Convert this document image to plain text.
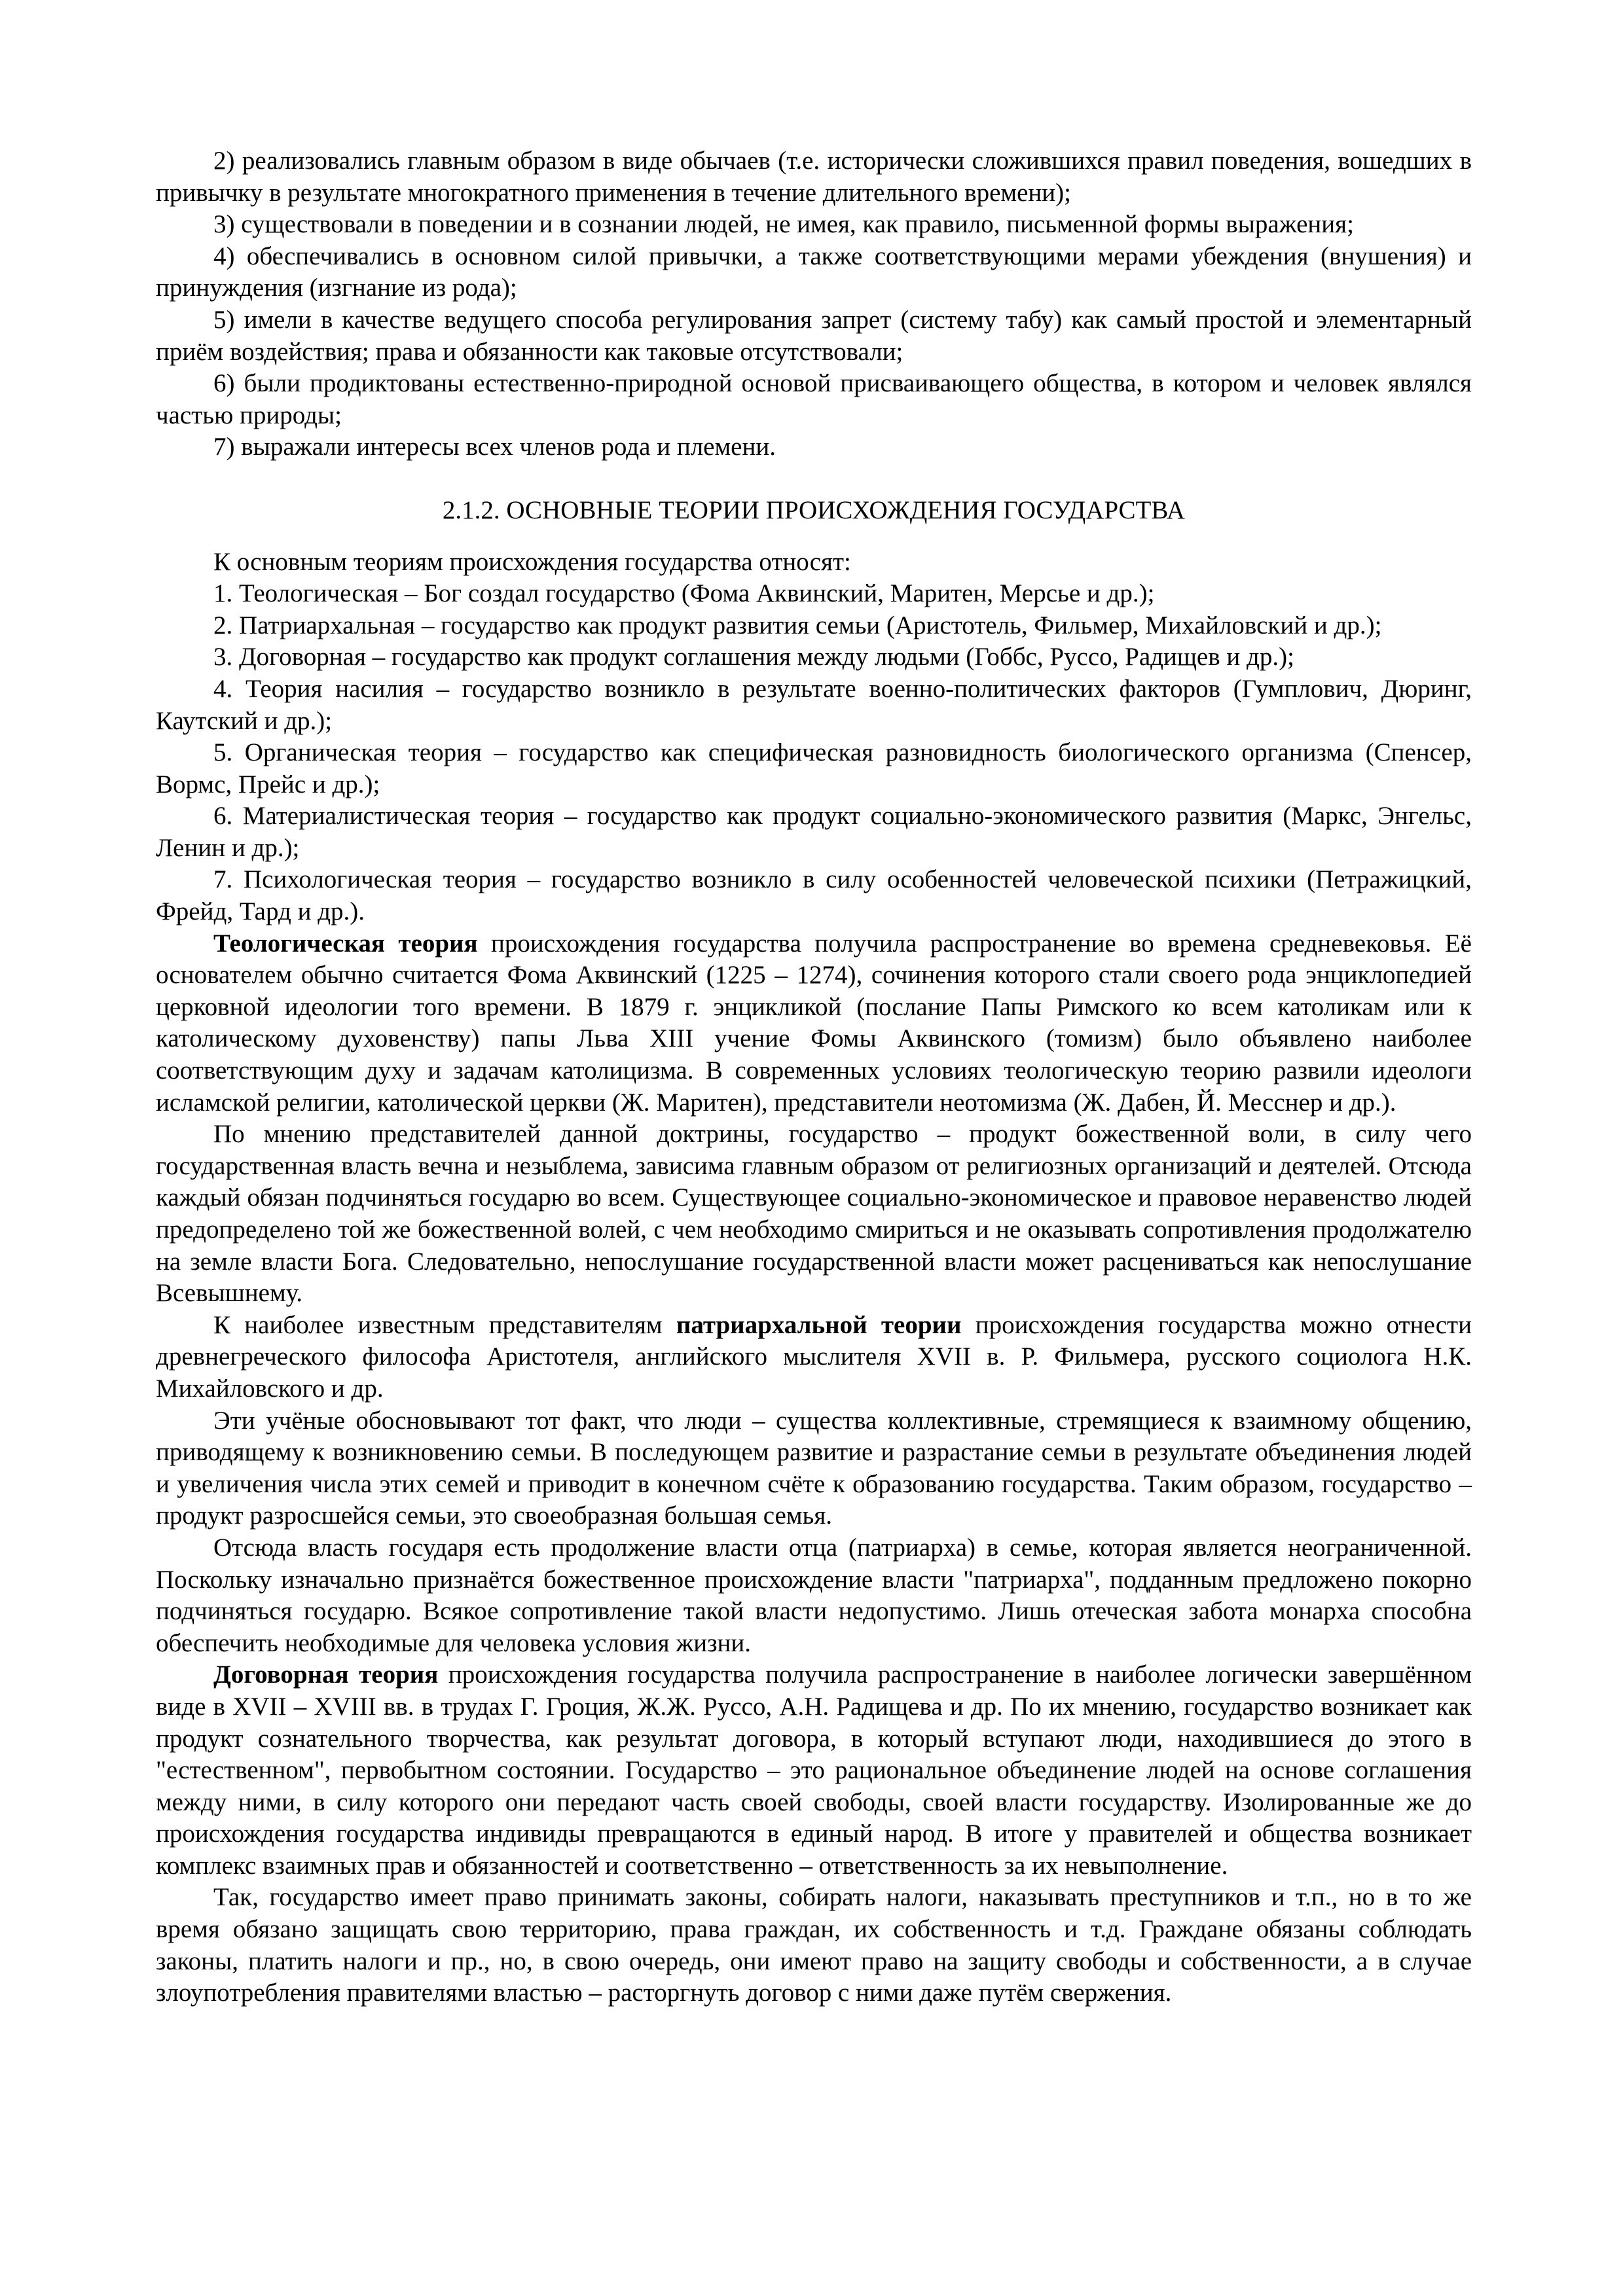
2) реализовались главным образом в виде обычаев (т.е. исторически сложившихся правил поведения, вошедших в привычку в результате многократного применения в течение длительного времени);

3) существовали в поведении и в сознании людей, не имея, как правило, письменной формы выражения;

4) обеспечивались в основном силой привычки, а также соответствующими мерами убеждения (внушения) и принуждения (изгнание из рода);

5) имели в качестве ведущего способа регулирования запрет (систему табу) как самый простой и элементарный приём воздействия; права и обязанности как таковые отсутствовали;

6) были продиктованы естественно-природной основой присваивающего общества, в котором и человек являлся частью природы;

7) выражали интересы всех членов рода и племени.

2.1.2. ОСНОВНЫЕ ТЕОРИИ ПРОИСХОЖДЕНИЯ ГОСУДАРСТВА

К основным теориям происхождения государства относят:

1. Теологическая – Бог создал государство (Фома Аквинский, Маритен, Мерсье и др.);

2. Патриархальная – государство как продукт развития семьи (Аристотель, Фильмер, Михайловский и др.);

3. Договорная – государство как продукт соглашения между людьми (Гоббс, Руссо, Радищев и др.);

4. Теория насилия – государство возникло в результате военно-политических факторов (Гумплович, Дюринг, Каутский и др.);

5. Органическая теория – государство как специфическая разновидность биологического организма (Спенсер, Вормс, Прейс и др.);

6. Материалистическая теория – государство как продукт социально-экономического развития (Маркс, Энгельс, Ленин и др.);

7. Психологическая теория – государство возникло в силу особенностей человеческой психики (Петражицкий, Фрейд, Тард и др.).

Теологическая теория происхождения государства получила распространение во времена средневековья. Её основателем обычно считается Фома Аквинский (1225 – 1274), сочинения которого стали своего рода энциклопедией церковной идеологии того времени. В 1879 г. энцикликой (послание Папы Римского ко всем католикам или к католическому духовенству) папы Льва XIII учение Фомы Аквинского (томизм) было объявлено наиболее соответствующим духу и задачам католицизма. В современных условиях теологическую теорию развили идеологи исламской религии, католической церкви (Ж. Маритен), представители неотомизма (Ж. Дабен, Й. Месснер и др.).

По мнению представителей данной доктрины, государство – продукт божественной воли, в силу чего государственная власть вечна и незыблема, зависима главным образом от религиозных организаций и деятелей. Отсюда каждый обязан подчиняться государю во всем. Существующее социально-экономическое и правовое неравенство людей предопределено той же божественной волей, с чем необходимо смириться и не оказывать сопротивления продолжателю на земле власти Бога. Следовательно, непослушание государственной власти может расцениваться как непослушание Всевышнему.

К наиболее известным представителям патриархальной теории происхождения государства можно отнести древнегреческого философа Аристотеля, английского мыслителя XVII в. Р. Фильмера, русского социолога Н.К. Михайловского и др.

Эти учёные обосновывают тот факт, что люди – существа коллективные, стремящиеся к взаимному общению, приводящему к возникновению семьи. В последующем развитие и разрастание семьи в результате объединения людей и увеличения числа этих семей и приводит в конечном счёте к образованию государства. Таким образом, государство – продукт разросшейся семьи, это своеобразная большая семья.

Отсюда власть государя есть продолжение власти отца (патриарха) в семье, которая является неограниченной. Поскольку изначально признаётся божественное происхождение власти "патриарха", подданным предложено покорно подчиняться государю. Всякое сопротивление такой власти недопустимо. Лишь отеческая забота монарха способна обеспечить необходимые для человека условия жизни.

Договорная теория происхождения государства получила распространение в наиболее логически завершённом виде в XVII – XVIII вв. в трудах Г. Гроция, Ж.Ж. Руссо, А.Н. Радищева и др. По их мнению, государство возникает как продукт сознательного творчества, как результат договора, в который вступают люди, находившиеся до этого в "естественном", первобытном состоянии. Государство – это рациональное объединение людей на основе соглашения между ними, в силу которого они передают часть своей свободы, своей власти государству. Изолированные же до происхождения государства индивиды превращаются в единый народ. В итоге у правителей и общества возникает комплекс взаимных прав и обязанностей и соответственно – ответственность за их невыполнение.

Так, государство имеет право принимать законы, собирать налоги, наказывать преступников и т.п., но в то же время обязано защищать свою территорию, права граждан, их собственность и т.д. Граждане обязаны соблюдать законы, платить налоги и пр., но, в свою очередь, они имеют право на защиту свободы и собственности, а в случае злоупотребления правителями властью – расторгнуть договор с ними даже путём свержения.
